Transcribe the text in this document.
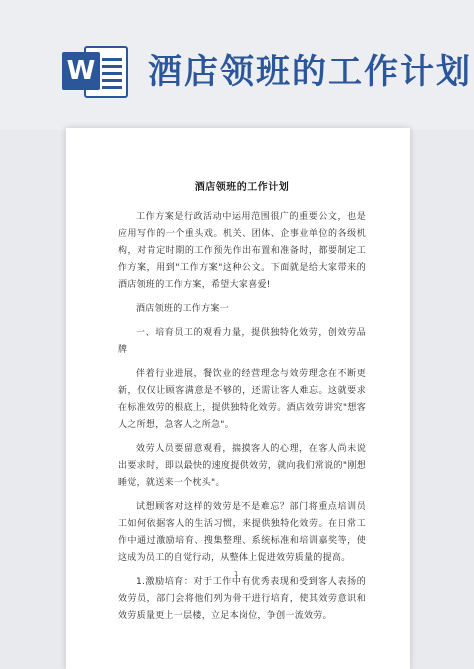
W 酒店领班的工作计划
酒店领班的工作计划

工作方案是行政活动中运用范围很广的重要公文，也是应用写作的一个重头戏。机关、团体、企事业单位的各级机构，对肯定时期的工作预先作出布置和准备时，都要制定工作方案，用到"工作方案"这种公文。下面就是给大家带来的酒店领班的工作方案，希望大家喜爱!

酒店领班的工作方案一

一、培育员工的观看力量，提供独特化效劳，创效劳品牌

伴着行业进展，餐饮业的经营理念与效劳理念在不断更新，仅仅让顾客满意是不够的，还需让客人难忘。这就要求在标准效劳的根底上，提供独特化效劳。酒店效劳讲究"想客人之所想，急客人之所急"。

效劳人员要留意观看，揣摸客人的心理，在客人尚未说出要求时，即以最快的速度提供效劳，就向我们常说的"刚想睡觉，就送来一个枕头"。

试想顾客对这样的效劳是不是难忘？部门将重点培训员工如何依据客人的生活习惯，来提供独特化效劳。在日常工作中通过激励培育、搜集整理、系统标准和培训嘉奖等，使这成为员工的自觉行动，从整体上促进效劳质量的提高。

1.激励培育：对于工作中有优秀表现和受到客人表扬的效劳员，部门会将他们列为骨干进行培育，使其效劳意识和效劳质量更上一层楼，立足本岗位，争创一流效劳。

1
